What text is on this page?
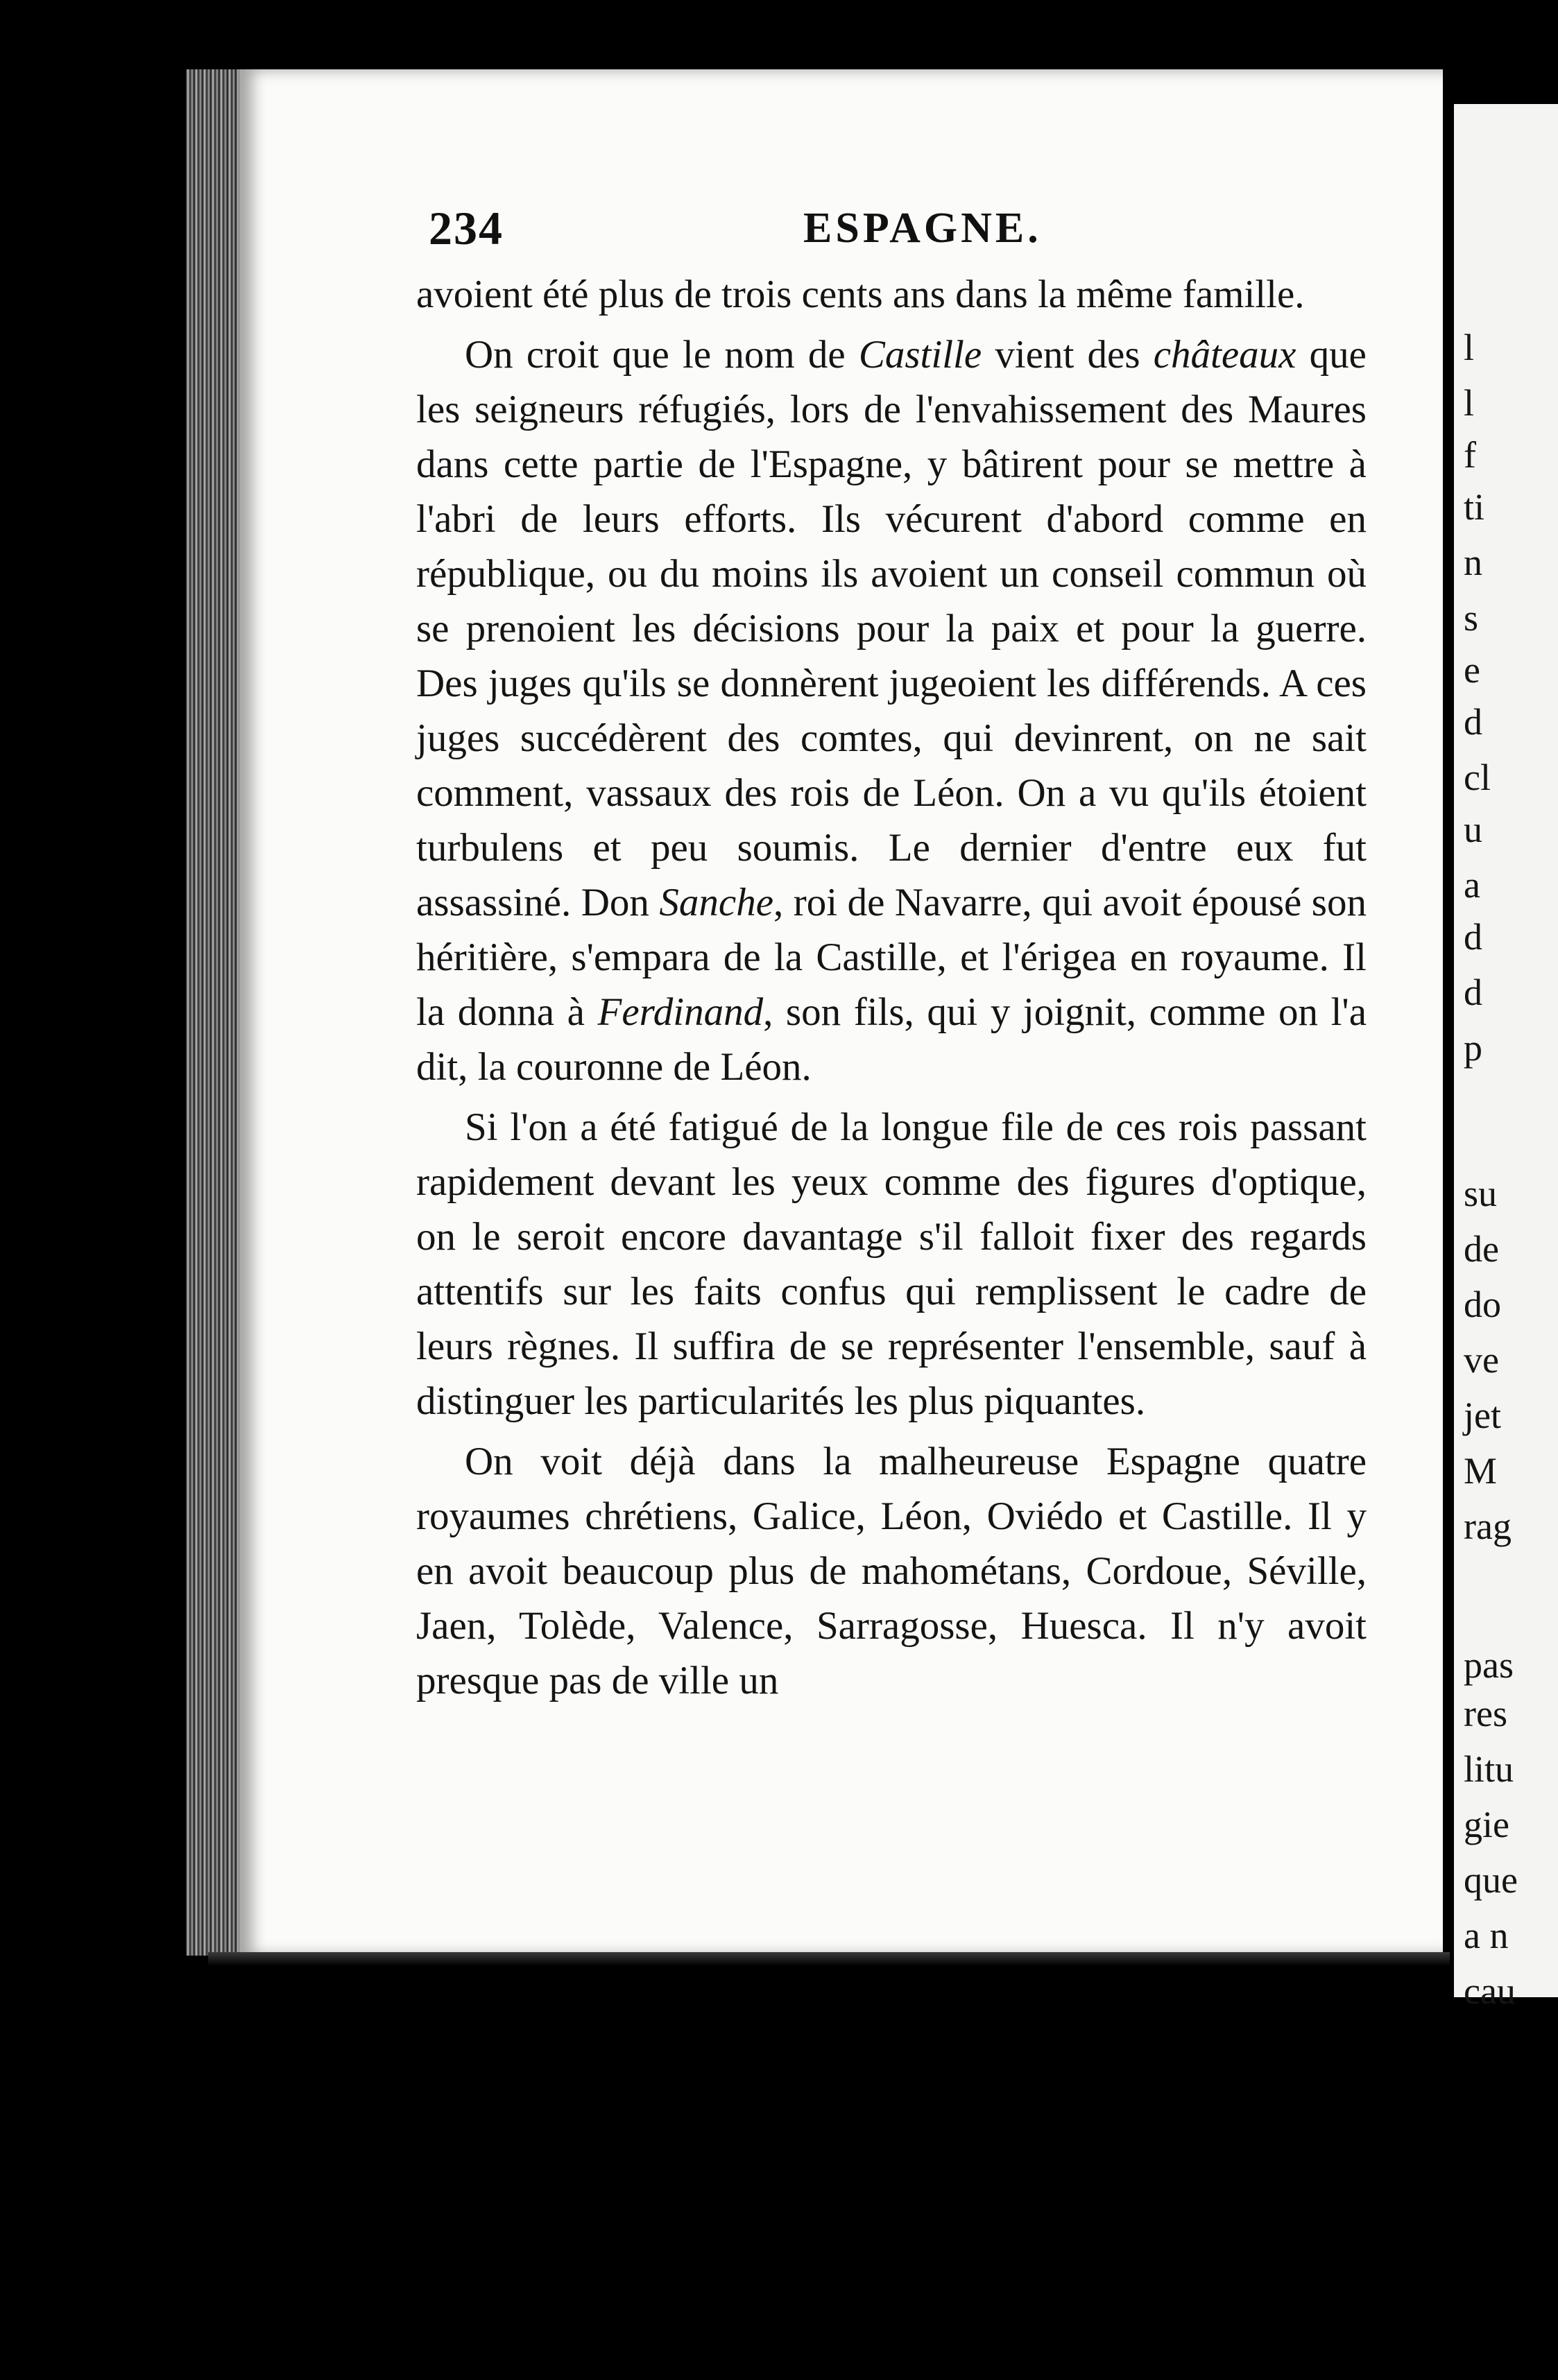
234	ESPAGNE.

avoient été plus de trois cents ans dans la même famille.

On croit que le nom de Castille vient des châteaux que les seigneurs réfugiés, lors de l'envahissement des Maures dans cette partie de l'Espagne, y bâtirent pour se mettre à l'abri de leurs efforts. Ils vécurent d'abord comme en république, ou du moins ils avoient un conseil commun où se prenoient les décisions pour la paix et pour la guerre. Des juges qu'ils se donnèrent jugeoient les différends. A ces juges succédèrent des comtes, qui devinrent, on ne sait comment, vassaux des rois de Léon. On a vu qu'ils étoient turbulens et peu soumis. Le dernier d'entre eux fut assassiné. Don Sanche, roi de Navarre, qui avoit épousé son héritière, s'empara de la Castille, et l'érigea en royaume. Il la donna à Ferdinand, son fils, qui y joignit, comme on l'a dit, la couronne de Léon.

Si l'on a été fatigué de la longue file de ces rois passant rapidement devant les yeux comme des figures d'optique, on le seroit encore davantage s'il falloit fixer des regards attentifs sur les faits confus qui remplissent le cadre de leurs règnes. Il suffira de se représenter l'ensemble, sauf à distinguer les particularités les plus piquantes.

On voit déjà dans la malheureuse Espagne quatre royaumes chrétiens, Galice, Léon, Oviédo et Castille. Il y en avoit beaucoup plus de mahométans, Cordoue, Séville, Jaen, Tolède, Valence, Sarragosse, Huesca. Il n'y avoit presque pas de ville un

l
l
f
ti
n
s
e
d
cl
u
a
d
d
p
su
de
do
ve
jet
M
rag
pas
res
litu
gie
que
a n
cau
